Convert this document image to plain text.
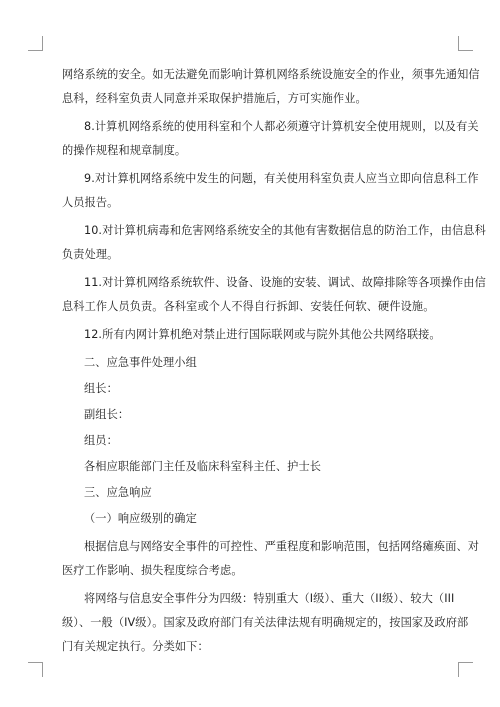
网络系统的安全。如无法避免而影响计算机网络系统设施安全的作业，须事先通知信
息科，经科室负责人同意并采取保护措施后，方可实施作业。
8.计算机网络系统的使用科室和个人都必须遵守计算机安全使用规则，以及有关
的操作规程和规章制度。
9.对计算机网络系统中发生的问题，有关使用科室负责人应当立即向信息科工作
人员报告。
10.对计算机病毒和危害网络系统安全的其他有害数据信息的防治工作，由信息科
负责处理。
11.对计算机网络系统软件、设备、设施的安装、调试、故障排除等各项操作由信
息科工作人员负责。各科室或个人不得自行拆卸、安装任何软、硬件设施。
12.所有内网计算机绝对禁止进行国际联网或与院外其他公共网络联接。
二、应急事件处理小组
组长：
副组长：
组员：
各相应职能部门主任及临床科室科主任、护士长
三、应急响应
（一）响应级别的确定
根据信息与网络安全事件的可控性、严重程度和影响范围，包括网络瘫痪面、对
医疗工作影响、损失程度综合考虑。
将网络与信息安全事件分为四级：特别重大（I级）、重大（II级）、较大（III
级）、一般（IV级）。国家及政府部门有关法律法规有明确规定的，按国家及政府部
门有关规定执行。分类如下：
